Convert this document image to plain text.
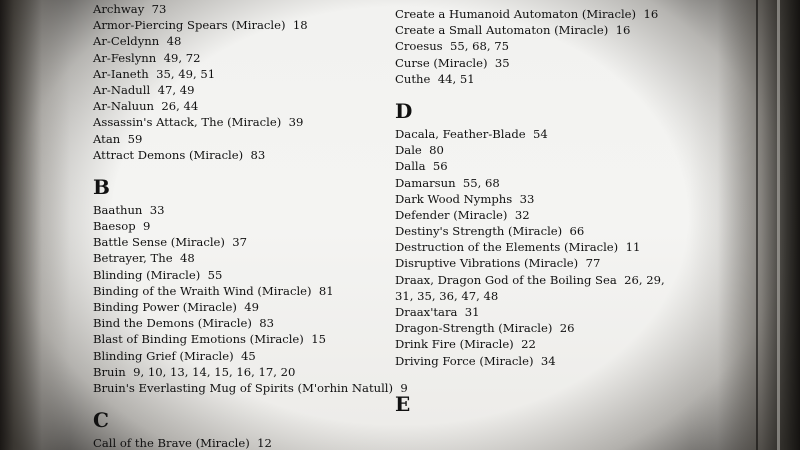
Archway 73
Armor-Piercing Spears (Miracle) 18
Ar-Celdynn 48
Ar-Feslynn 49, 72
Ar-Ianeth 35, 49, 51
Ar-Nadull 47, 49
Ar-Naluun 26, 44
Assassin's Attack, The (Miracle) 39
Atan 59
Attract Demons (Miracle) 83
B
Baathun 33
Baesop 9
Battle Sense (Miracle) 37
Betrayer, The 48
Blinding (Miracle) 55
Binding of the Wraith Wind (Miracle) 81
Binding Power (Miracle) 49
Bind the Demons (Miracle) 83
Blast of Binding Emotions (Miracle) 15
Blinding Grief (Miracle) 45
Bruin 9, 10, 13, 14, 15, 16, 17, 20
Bruin's Everlasting Mug of Spirits (M'orhin Natull) 9
C
Call of the Brave (Miracle) 12
Create a Humanoid Automaton (Miracle) 16
Create a Small Automaton (Miracle) 16
Croesus 55, 68, 75
Curse (Miracle) 35
Cuthe 44, 51
D
Dacala, Feather-Blade 54
Dale 80
Dalla 56
Damarsun 55, 68
Dark Wood Nymphs 33
Defender (Miracle) 32
Destiny's Strength (Miracle) 66
Destruction of the Elements (Miracle) 11
Disruptive Vibrations (Miracle) 77
Draax, Dragon God of the Boiling Sea 26, 29, 31, 35, 36, 47, 48
Draax'tara 31
Dragon-Strength (Miracle) 26
Drink Fire (Miracle) 22
Driving Force (Miracle) 34
E
